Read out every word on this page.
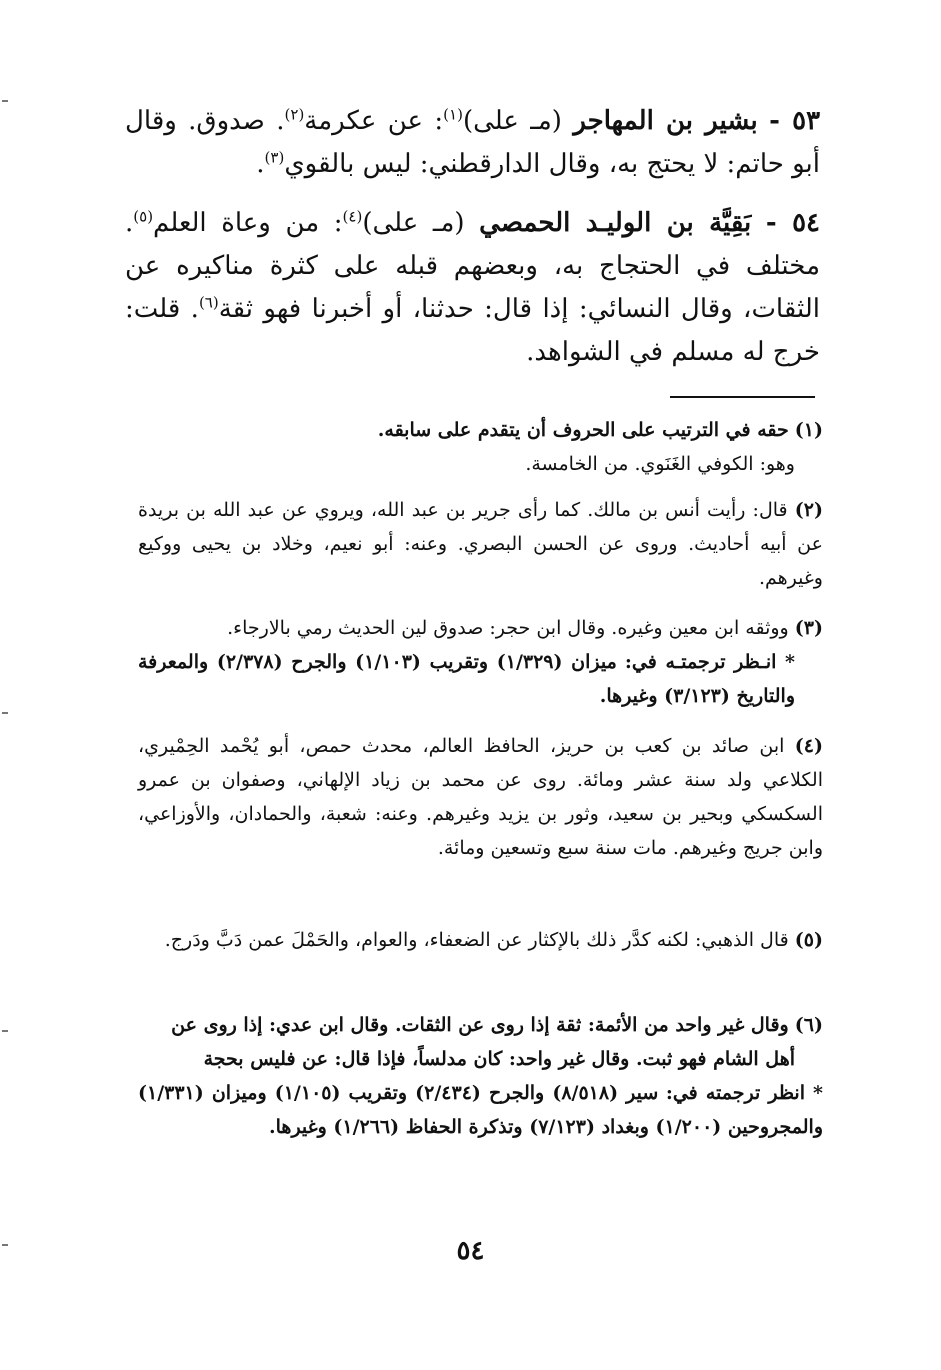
٥٣ - بشير بن المهاجر (مـ على)$^{(١)}$: عن عكرمة$^{(٢)}$. صدوق. وقال أبو حاتم: لا يحتج به، وقال الدارقطني: ليس بالقوي$^{(٣)}$.
٥٤ - بَقِيَّة بن الوليـد الحمصي (مـ على)$^{(٤)}$: من وعاة العلم$^{(٥)}$. مختلف في الحتجاج به، وبعضهم قبله على كثرة مناكيره عن الثقات، وقال النسائي: إذا قال: حدثنا، أو أخبرنا فهو ثقة$^{(٦)}$. قلت: خرج له مسلم في الشواهد.

(١) حقه في الترتيب على الحروف أن يتقدم على سابقه.

وهو: الكوفي الغَنَوي. من الخامسة.

(٢) قال: رأيت أنس بن مالك. كما رأى جرير بن عبد الله، ويروي عن عبد الله بن بريدة عن أبيه أحاديث. وروى عن الحسن البصري. وعنه: أبو نعيم، وخلاد بن يحيى ووكيع وغيرهم.

(٣) ووثقه ابن معين وغيره. وقال ابن حجر: صدوق لين الحديث رمي بالارجاء.

* انـظر ترجمتـه في: ميزان (١/٣٢٩) وتقريب (١/١٠٣) والجرح (٢/٣٧٨) والمعرفة والتاريخ (٣/١٢٣) وغيرها.

(٤) ابن صائد بن كعب بن حريز، الحافظ العالم، محدث حمص، أبو يُحْمد الحِمْيري، الكلاعي ولد سنة عشر ومائة. روى عن محمد بن زياد الإلهاني، وصفوان بن عمرو السكسكي وبحير بن سعيد، وثور بن يزيد وغيرهم. وعنه: شعبة، والحمادان، والأوزاعي، وابن جريج وغيرهم. مات سنة سبع وتسعين ومائة.

(٥) قال الذهبي: لكنه كدَّر ذلك بالإكثار عن الضعفاء، والعوام، والحَمْلَ عمن دَبَّ ودَرج.

(٦) وقال غير واحد من الأئمة: ثقة إذا روى عن الثقات. وقال ابن عدي: إذا روى عن

أهل الشام فهو ثبت. وقال غير واحد: كان مدلساً، فإذا قال: عن فليس بحجة

* انظر ترجمته في: سير (٨/٥١٨) والجرح (٢/٤٣٤) وتقريب (١/١٠٥) وميزان (١/٣٣١) والمجروحين (١/٢٠٠) وبغداد (٧/١٢٣) وتذكرة الحفاظ (١/٢٦٦) وغيرها.

٥٤
